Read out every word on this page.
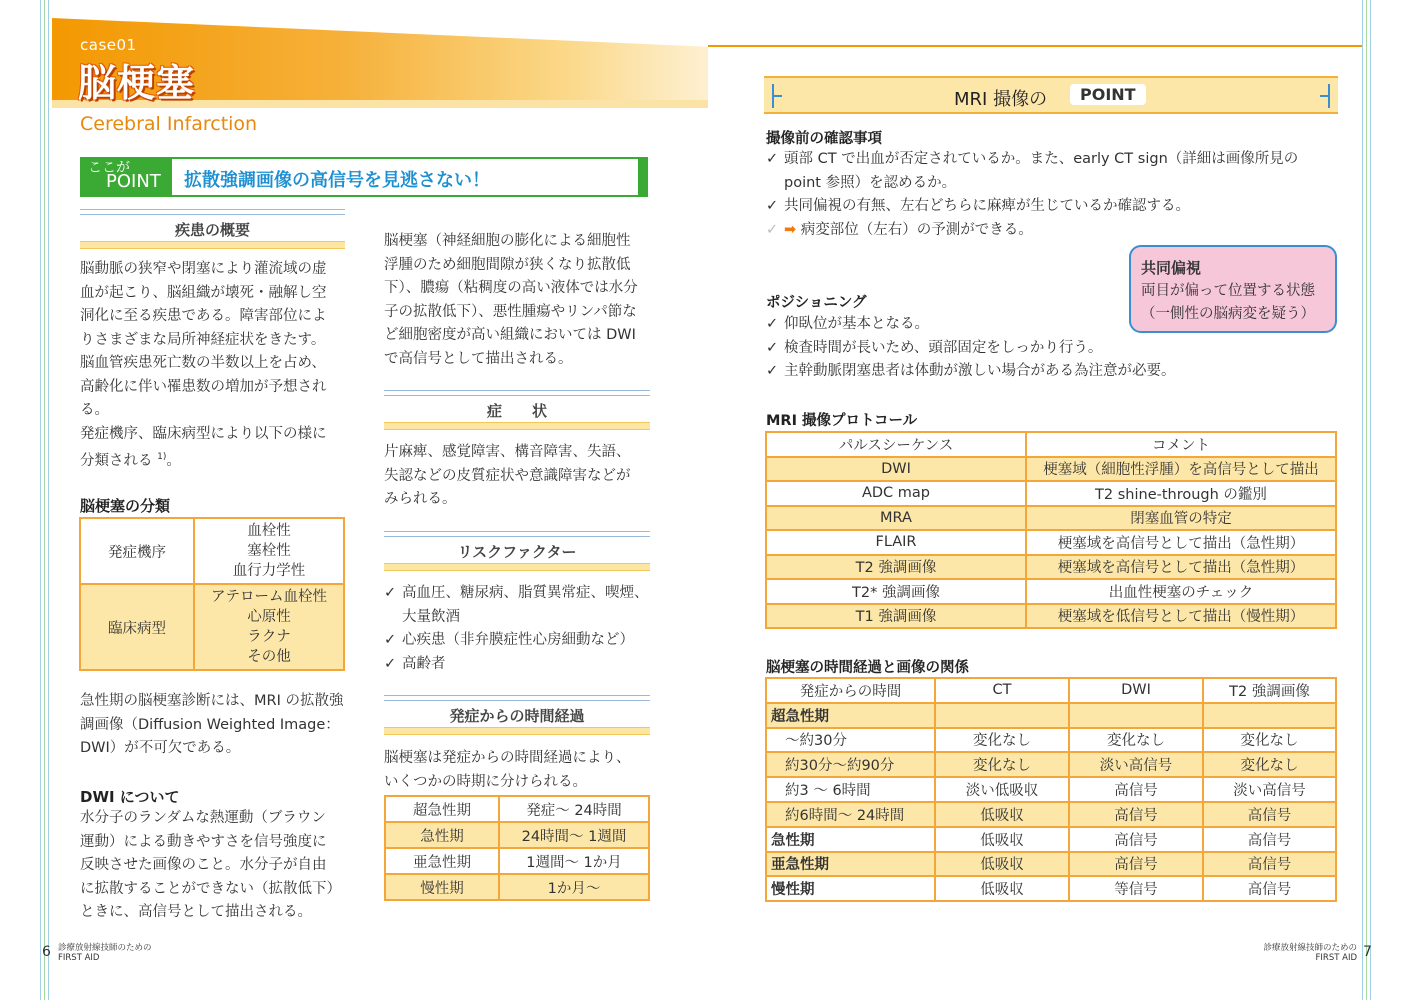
case01
脳梗塞
Cerebral Infarction
ここが
POINT	拡散強調画像の高信号を見逃さない！
疾患の概要
脳動脈の狭窄や閉塞により灌流域の虚
血が起こり、脳組織が壊死・融解し空
洞化に至る疾患である。障害部位によ
りさまざまな局所神経症状をきたす。
脳血管疾患死亡数の半数以上を占め、
高齢化に伴い罹患数の増加が予想され
る。
発症機序、臨床病型により以下の様に
分類される $^{1)}$。
脳梗塞の分類
発症機序	血栓性
塞栓性
血行力学性

臨床病型	アテローム血栓性
心原性
ラクナ
その他
急性期の脳梗塞診断には、MRI の拡散強
調画像（Diffusion Weighted Image：
DWI）が不可欠である。
DWI について
水分子のランダムな熱運動（ブラウン
運動）による動きやすさを信号強度に
反映させた画像のこと。水分子が自由
に拡散することができない（拡散低下）
ときに、高信号として描出される。
脳梗塞（神経細胞の膨化による細胞性
浮腫のため細胞間隙が狭くなり拡散低
下）、膿瘍（粘稠度の高い液体では水分
子の拡散低下）、悪性腫瘍やリンパ節な
ど細胞密度が高い組織においては DWI
で高信号として描出される。
症　　状
片麻痺、感覚障害、構音障害、失語、
失認などの皮質症状や意識障害などが
みられる。
リスクファクター
✓ 高血圧、糖尿病、脂質異常症、喫煙、
大量飲酒
✓ 心疾患（非弁膜症性心房細動など）
✓ 高齢者
発症からの時間経過
脳梗塞は発症からの時間経過により、
いくつかの時期に分けられる。
超急性期	発症〜 24時間
急性期	24時間〜 1週間
亜急性期	1週間〜 1か月
慢性期	1か月〜
MRI 撮像の	POINT
撮像前の確認事項
✓ 頭部 CT で出血が否定されているか。また、early CT sign（詳細は画像所見の
point 参照）を認めるか。
✓ 共同偏視の有無、左右どちらに麻痺が生じているか確認する。
✓ ➡ 病変部位（左右）の予測ができる。
共同偏視
両目が偏って位置する状態
（一側性の脳病変を疑う）
ポジショニング
✓ 仰臥位が基本となる。
✓ 検査時間が長いため、頭部固定をしっかり行う。
✓ 主幹動脈閉塞患者は体動が激しい場合がある為注意が必要。
MRI 撮像プロトコール
パルスシーケンス	コメント
DWI	梗塞域（細胞性浮腫）を高信号として描出
ADC map	T2 shine-through の鑑別
MRA	閉塞血管の特定
FLAIR	梗塞域を高信号として描出（急性期）
T2 強調画像	梗塞域を高信号として描出（急性期）
T2* 強調画像	出血性梗塞のチェック
T1 強調画像	梗塞域を低信号として描出（慢性期）
脳梗塞の時間経過と画像の関係
発症からの時間	CT	DWI	T2 強調画像
超急性期			
〜約30分	変化なし	変化なし	変化なし
約30分〜約90分	変化なし	淡い高信号	変化なし
約3 〜 6時間	淡い低吸収	高信号	淡い高信号
約6時間〜 24時間	低吸収	高信号	高信号
急性期	低吸収	高信号	高信号
亜急性期	低吸収	高信号	高信号
慢性期	低吸収	等信号	高信号
6 診療放射線技師のための
FIRST AID
診療放射線技師のための
FIRST AID 7
